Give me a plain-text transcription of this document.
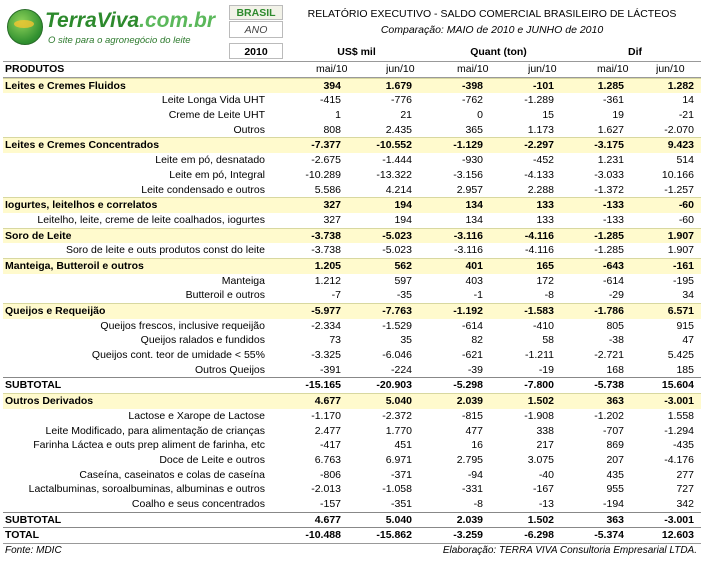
TerraViva.com.br
O site para o agronegócio do leite
BRASIL
ANO
2010
RELATÓRIO EXECUTIVO - SALDO COMERCIAL BRASILEIRO DE LÁCTEOS
Comparação: MAIO de 2010 e JUNHO de 2010
US$ mil	Quant (ton)	Dif
PRODUTOS	mai/10	jun/10	mai/10	jun/10	mai/10	jun/10
Leites e Cremes Fluidos	394	1.679	-398	-101	1.285	1.282
Leite Longa Vida UHT	-415	-776	-762	-1.289	-361	14
Creme de Leite UHT	1	21	0	15	19	-21
Outros	808	2.435	365	1.173	1.627	-2.070
Leites e Cremes Concentrados	-7.377	-10.552	-1.129	-2.297	-3.175	9.423
Leite em pó, desnatado	-2.675	-1.444	-930	-452	1.231	514
Leite em pó, Integral	-10.289	-13.322	-3.156	-4.133	-3.033	10.166
Leite condensado e outros	5.586	4.214	2.957	2.288	-1.372	-1.257
Iogurtes, leitelhos e correlatos	327	194	134	133	-133	-60
Leitelho, leite, creme de leite coalhados, iogurtes	327	194	134	133	-133	-60
Soro de Leite	-3.738	-5.023	-3.116	-4.116	-1.285	1.907
Soro de leite e outs produtos const do leite	-3.738	-5.023	-3.116	-4.116	-1.285	1.907
Manteiga, Butteroil e outros	1.205	562	401	165	-643	-161
Manteiga	1.212	597	403	172	-614	-195
Butteroil e outros	-7	-35	-1	-8	-29	34
Queijos e Requeijão	-5.977	-7.763	-1.192	-1.583	-1.786	6.571
Queijos frescos, inclusive requeijão	-2.334	-1.529	-614	-410	805	915
Queijos ralados e fundidos	73	35	82	58	-38	47
Queijos cont. teor de umidade < 55%	-3.325	-6.046	-621	-1.211	-2.721	5.425
Outros Queijos	-391	-224	-39	-19	168	185
SUBTOTAL	-15.165	-20.903	-5.298	-7.800	-5.738	15.604
Outros Derivados	4.677	5.040	2.039	1.502	363	-3.001
Lactose e Xarope de Lactose	-1.170	-2.372	-815	-1.908	-1.202	1.558
Leite Modificado, para alimentação de crianças	2.477	1.770	477	338	-707	-1.294
Farinha Láctea e outs prep aliment de farinha, etc	-417	451	16	217	869	-435
Doce de Leite e outros	6.763	6.971	2.795	3.075	207	-4.176
Caseína, caseinatos e colas de caseína	-806	-371	-94	-40	435	277
Lactalbuminas, soroalbuminas, albuminas e outros	-2.013	-1.058	-331	-167	955	727
Coalho e seus concentrados	-157	-351	-8	-13	-194	342
SUBTOTAL	4.677	5.040	2.039	1.502	363	-3.001
TOTAL	-10.488	-15.862	-3.259	-6.298	-5.374	12.603
Fonte: MDIC	Elaboração: TERRA VIVA Consultoria Empresarial LTDA.
